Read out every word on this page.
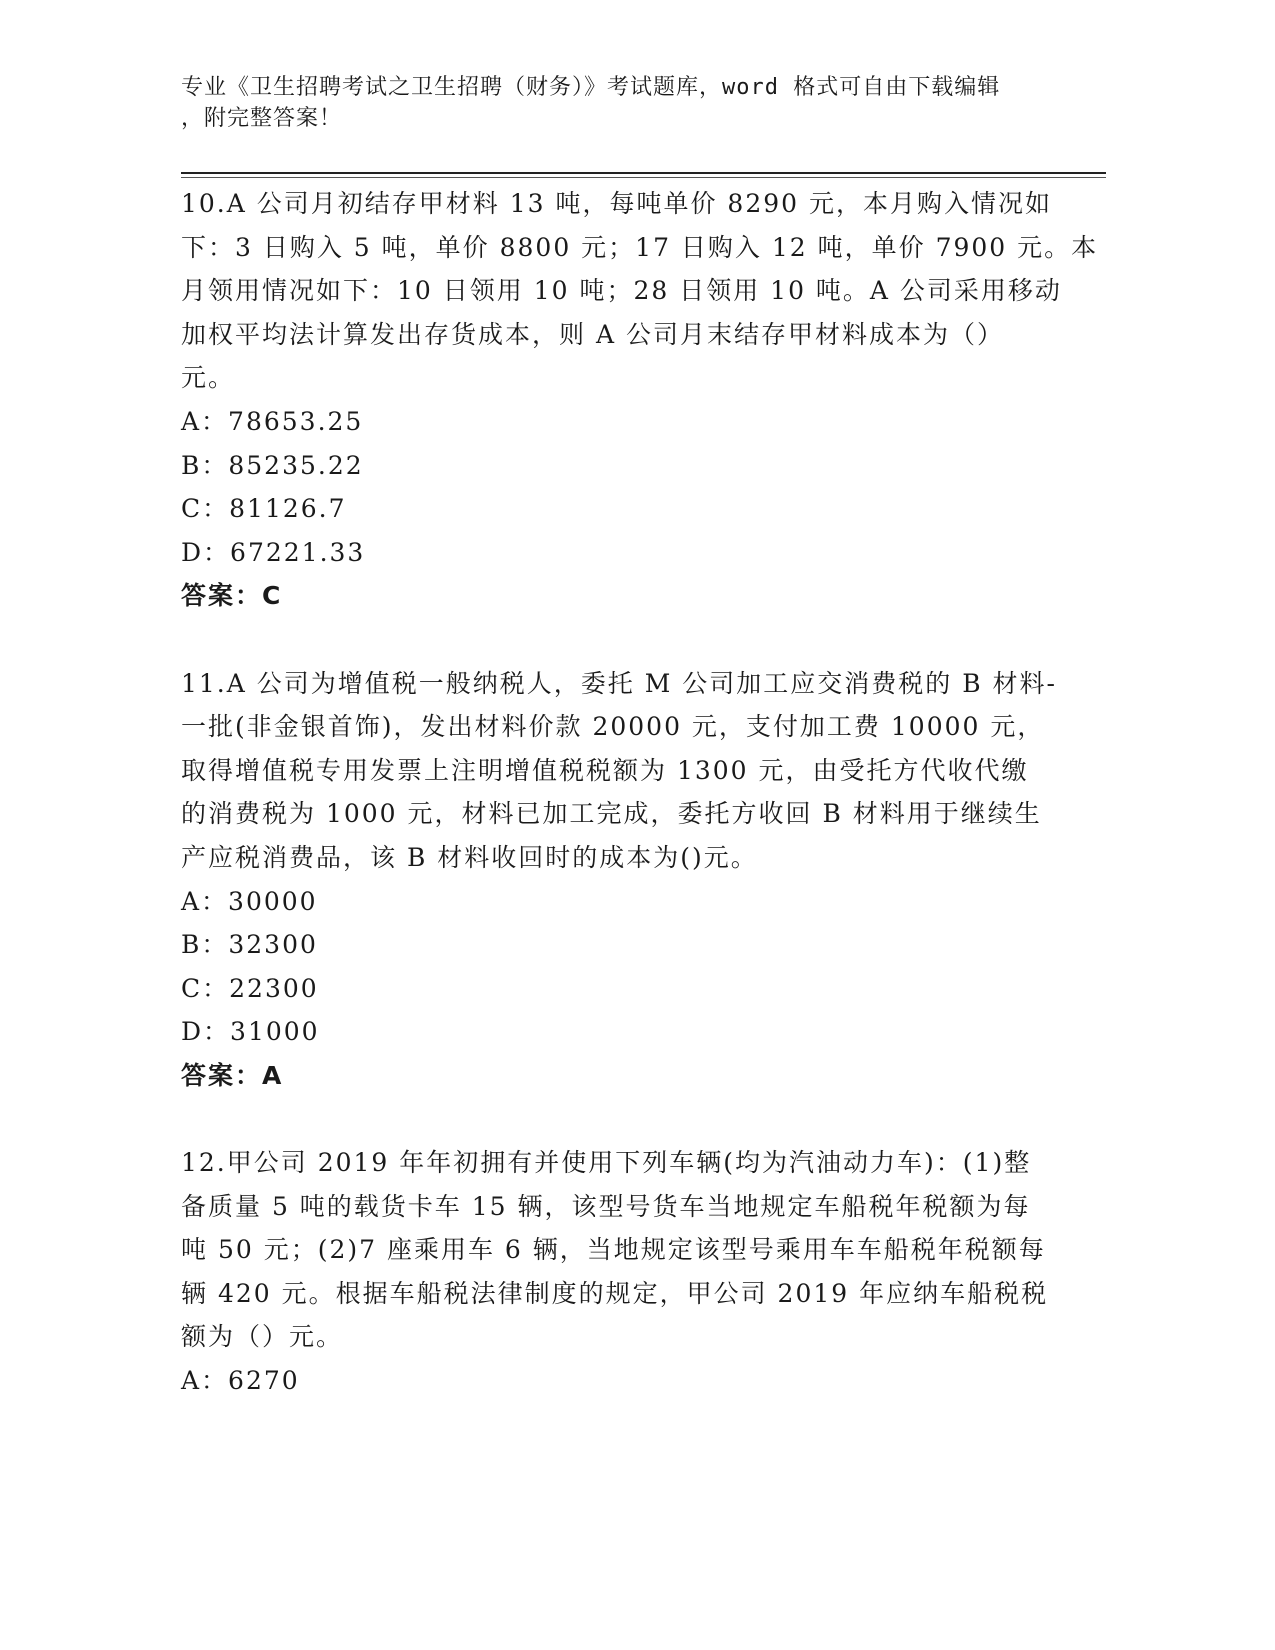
专业《卫生招聘考试之卫生招聘（财务）》考试题库，word 格式可自由下载编辑
，附完整答案！
10.A 公司月初结存甲材料 13 吨，每吨单价 8290 元，本月购入情况如
下：3 日购入 5 吨，单价 8800 元；17 日购入 12 吨，单价 7900 元。本
月领用情况如下：10 日领用 10 吨；28 日领用 10 吨。A 公司采用移动
加权平均法计算发出存货成本，则 A 公司月末结存甲材料成本为（）
元。
A：78653.25
B：85235.22
C：81126.7
D：67221.33
答案：C
11.A 公司为增值税一般纳税人，委托 M 公司加工应交消费税的 B 材料-
一批(非金银首饰)，发出材料价款 20000 元，支付加工费 10000 元，
取得增值税专用发票上注明增值税税额为 1300 元，由受托方代收代缴
的消费税为 1000 元，材料已加工完成，委托方收回 B 材料用于继续生
产应税消费品，该 B 材料收回时的成本为()元。
A：30000
B：32300
C：22300
D：31000
答案：A
12.甲公司 2019 年年初拥有并使用下列车辆(均为汽油动力车)：(1)整
备质量 5 吨的载货卡车 15 辆，该型号货车当地规定车船税年税额为每
吨 50 元；(2)7 座乘用车 6 辆，当地规定该型号乘用车车船税年税额每
辆 420 元。根据车船税法律制度的规定，甲公司 2019 年应纳车船税税
额为（）元。
A：6270
